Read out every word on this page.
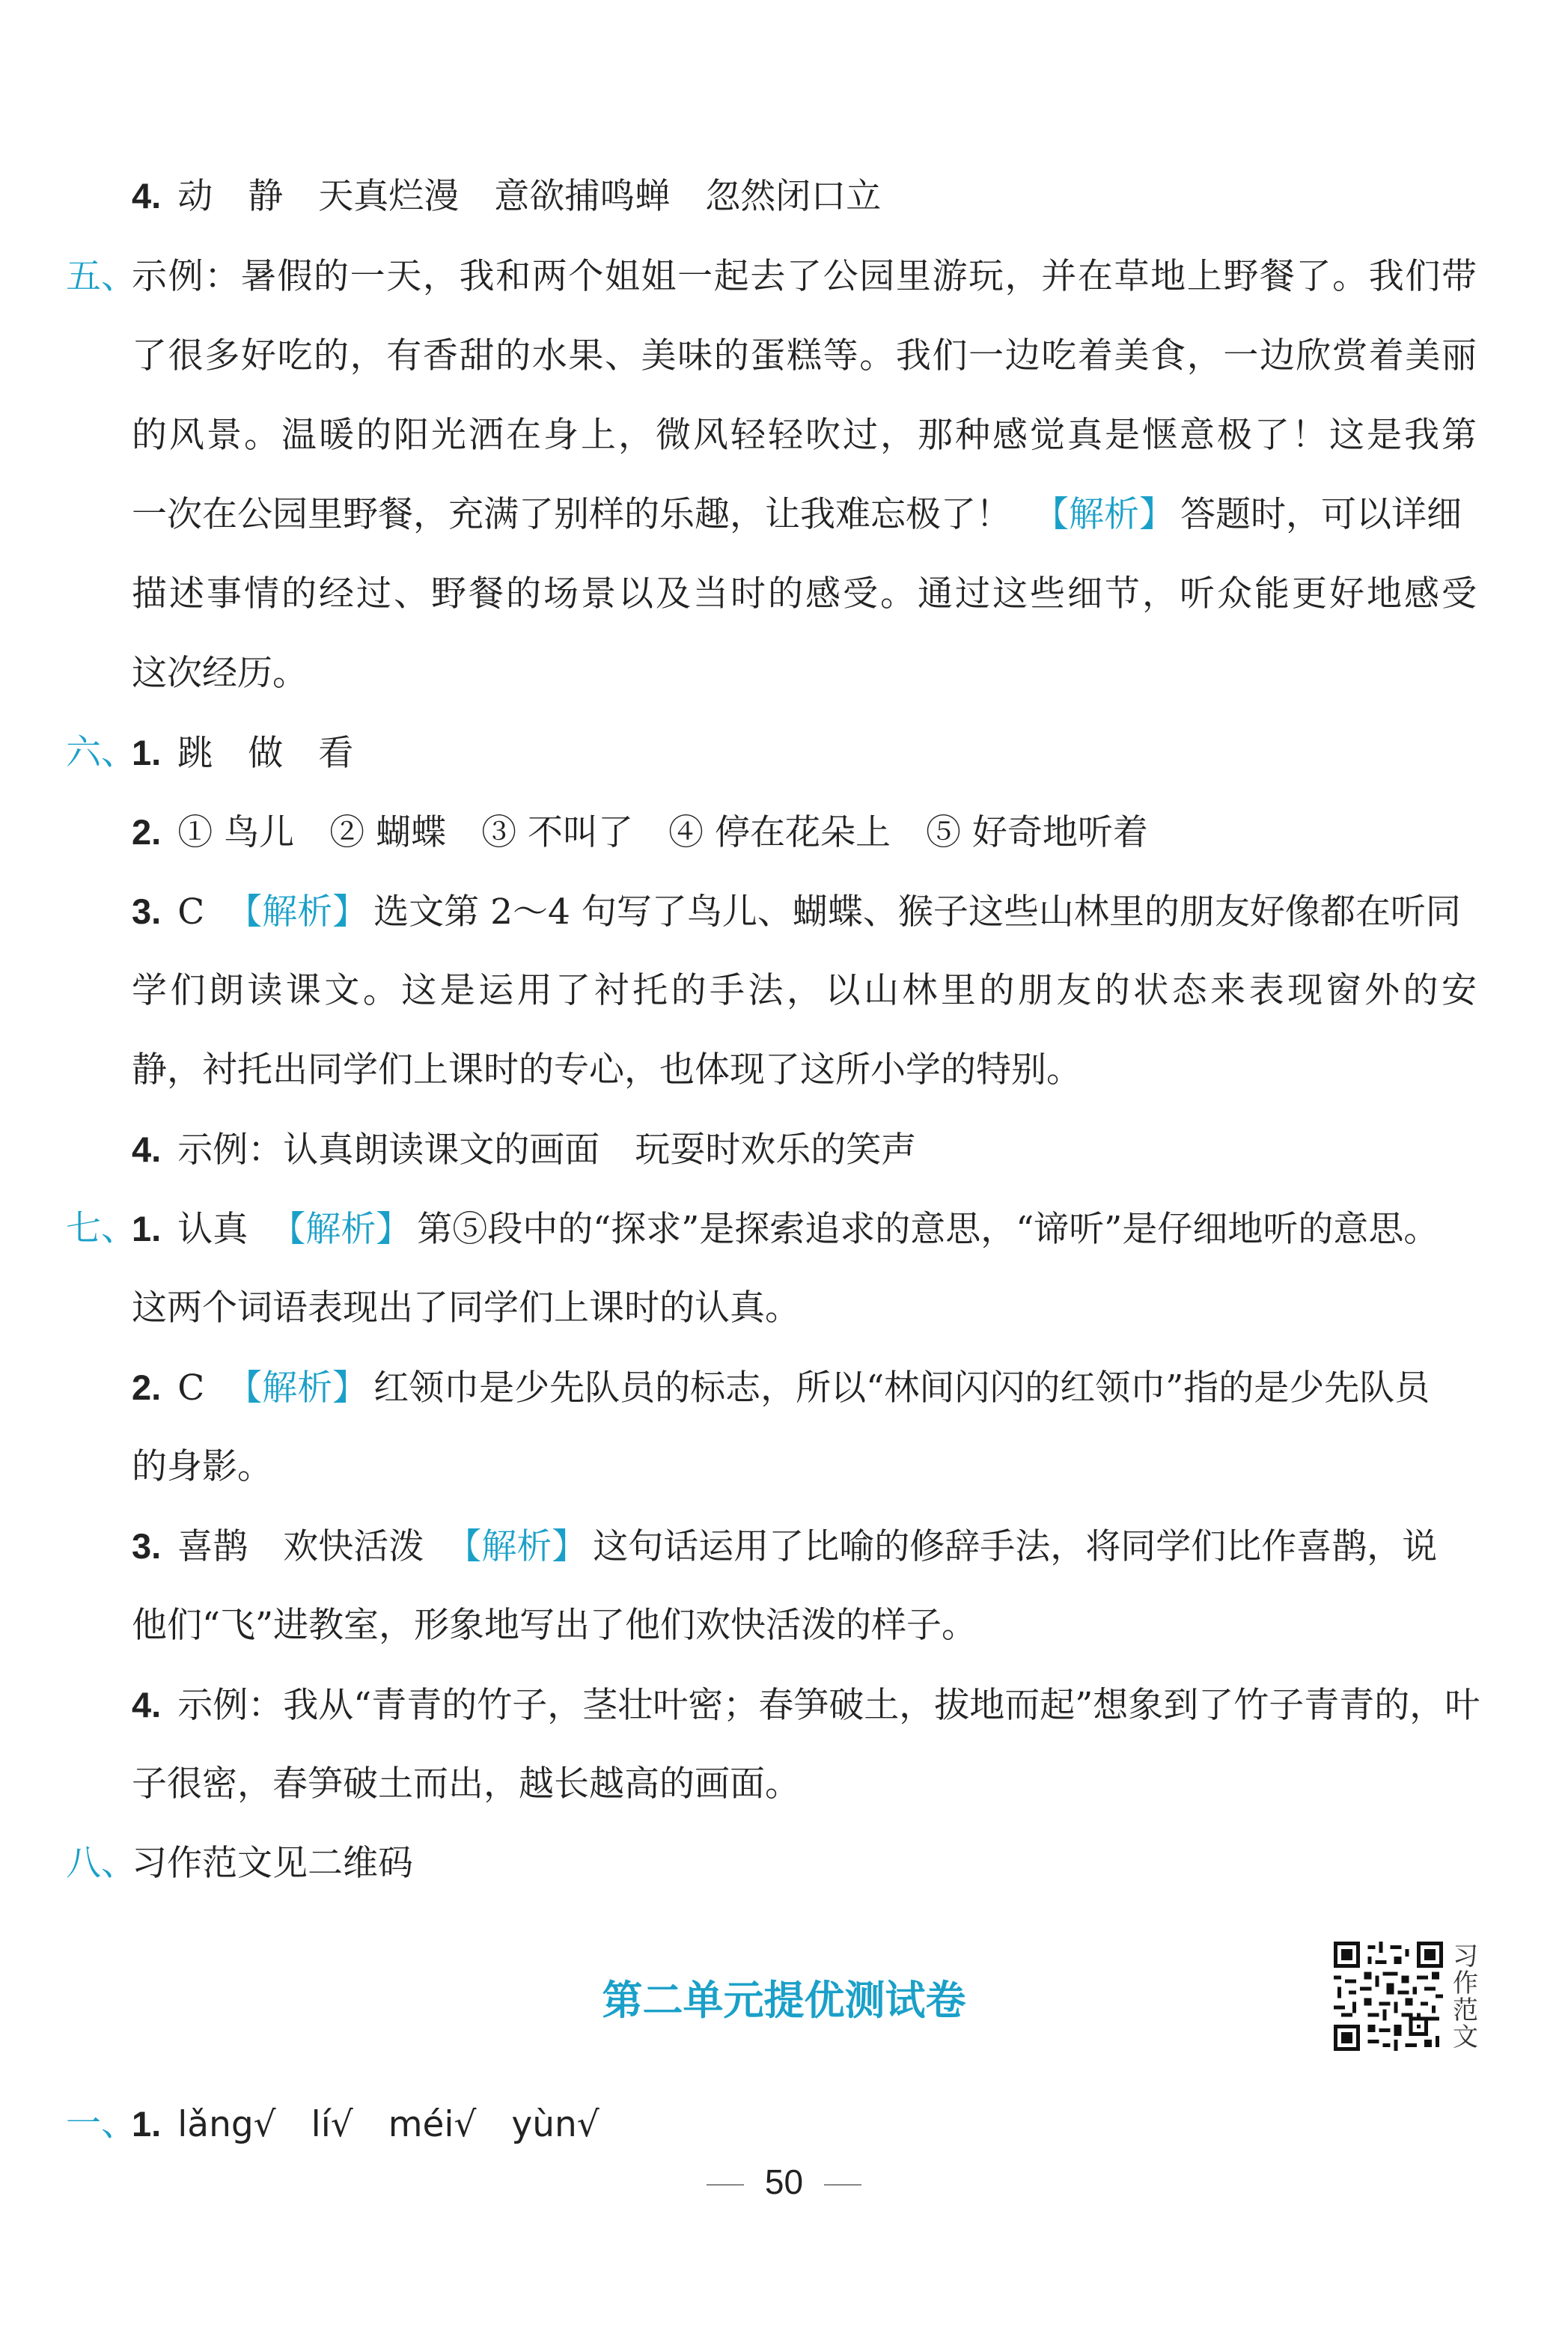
4. 动　静　天真烂漫　意欲捕鸣蝉　忽然闭口立
五、
示例：暑假的一天，我和两个姐姐一起去了公园里游玩，并在草地上野餐了。我们带
了很多好吃的，有香甜的水果、美味的蛋糕等。我们一边吃着美食，一边欣赏着美丽
的风景。温暖的阳光洒在身上，微风轻轻吹过，那种感觉真是惬意极了！这是我第
一次在公园里野餐，充满了别样的乐趣，让我难忘极了！ 【解析】 答题时，可以详细
描述事情的经过、野餐的场景以及当时的感受。通过这些细节，听众能更好地感受
这次经历。
六、
1. 跳　做　看
2. ① 鸟儿　② 蝴蝶　③ 不叫了　④ 停在花朵上　⑤ 好奇地听着
3. C 【解析】 选文第 2～4 句写了鸟儿、蝴蝶、猴子这些山林里的朋友好像都在听同
学们朗读课文。这是运用了衬托的手法，以山林里的朋友的状态来表现窗外的安
静，衬托出同学们上课时的专心，也体现了这所小学的特别。
4. 示例：认真朗读课文的画面　玩耍时欢乐的笑声
七、
1. 认真 【解析】 第⑤段中的“探求”是探索追求的意思，“谛听”是仔细地听的意思。
这两个词语表现出了同学们上课时的认真。
2. C 【解析】 红领巾是少先队员的标志，所以“林间闪闪的红领巾”指的是少先队员
的身影。
3. 喜鹊　欢快活泼 【解析】 这句话运用了比喻的修辞手法，将同学们比作喜鹊，说
他们“飞”进教室，形象地写出了他们欢快活泼的样子。
4. 示例：我从“青青的竹子，茎壮叶密；春笋破土，拔地而起”想象到了竹子青青的，叶
子很密，春笋破土而出，越长越高的画面。
八、
习作范文见二维码
第二单元提优测试卷
习作范文
一、
1. lǎng√　lí√　méi√　yùn√
50
